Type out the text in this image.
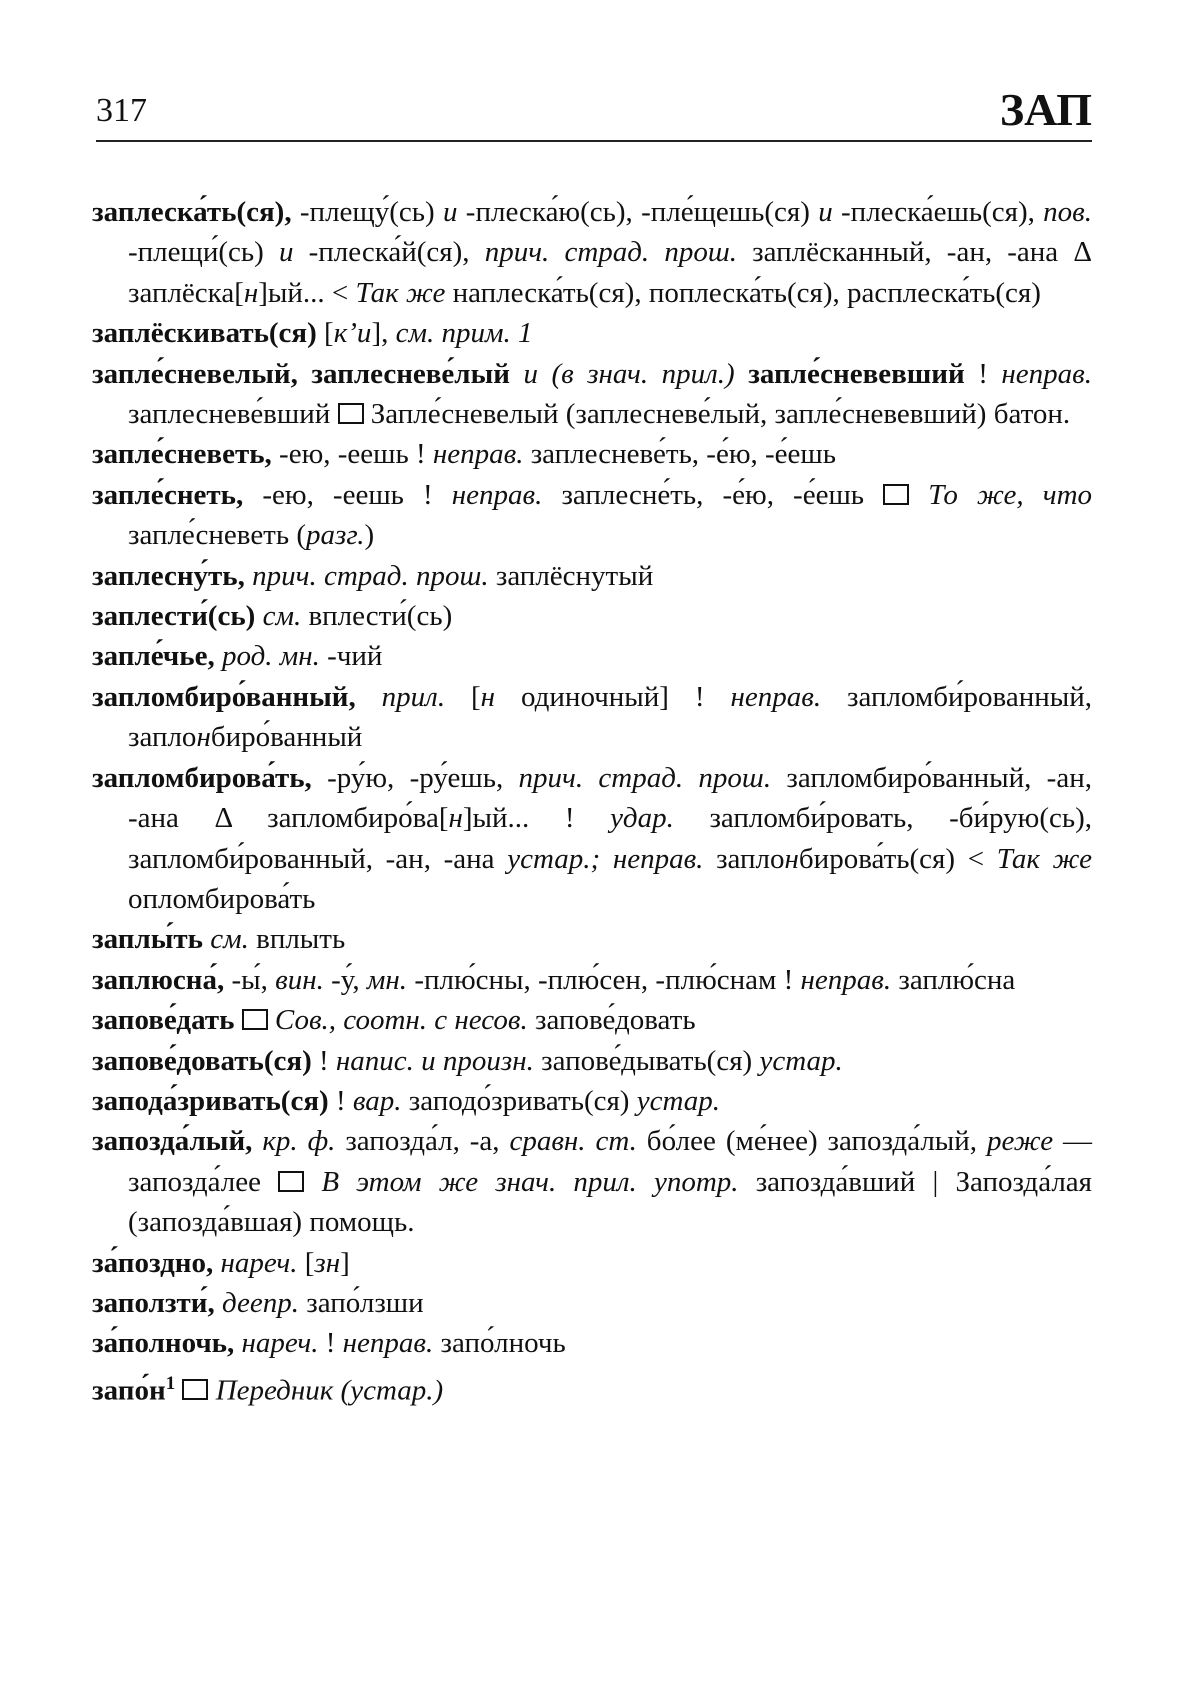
317	ЗАП
заплеска́ть(ся), -плещу́(сь) и -плеска́ю(сь), -пле́щешь(ся) и -плеска́ешь(ся), пов. -плещи́(сь) и -плеска́й(ся), прич. страд. прош. заплёсканный, -ан, -ана Δ заплёска[н]ый... < Так же наплеска́ть(ся), поплеска́ть(ся), расплеска́ть(ся)
заплёскивать(ся) [к’и], см. прим. 1
запле́сневелый, заплесневе́лый и (в знач. прил.) запле́сневевший ! неправ. заплесневе́вший  Запле́сневелый (заплесневе́лый, запле́сневевший) батон.
запле́сневеть, -ею, -еешь ! неправ. заплесневе́ть, -е́ю, -е́ешь
запле́снеть, -ею, -еешь ! неправ. заплесне́ть, -е́ю, -е́ешь  То же, что запле́сневеть (разг.)
заплесну́ть, прич. страд. прош. заплёснутый
заплести́(сь) см. вплести́(сь)
запле́чье, род. мн. -чий
запломбиро́ванный, прил. [н одиночный] ! неправ. запломби́рованный, заплонбиро́ванный
запломбирова́ть, -ру́ю, -ру́ешь, прич. страд. прош. запломбиро́ванный, -ан, -ана Δ запломбиро́ва[н]ый... ! удар. запломби́ровать, -би́рую(сь), запломби́рованный, -ан, -ана устар.; неправ. заплонбирова́ть(ся) < Так же опломбирова́ть
заплы́ть см. вплыть
заплюсна́, -ы́, вин. -у́, мн. -плю́сны, -плю́сен, -плю́снам ! неправ. заплю́сна
запове́дать Сов., соотн. с несов. запове́довать
запове́довать(ся) ! напис. и произн. запове́дывать(ся) устар.
запода́зривать(ся) ! вар. заподо́зривать(ся) устар.
запозда́лый, кр. ф. запозда́л, -а, сравн. ст. бо́лее (ме́нее) запозда́лый, реже — запозда́лее  В этом же знач. прил. употр. запозда́вший | Запозда́лая (запозда́вшая) помощь.
за́поздно, нареч. [зн]
заползти́, деепр. запо́лзши
за́полночь, нареч. ! неправ. запо́лночь
$запо́н^1$ Передник (устар.)
